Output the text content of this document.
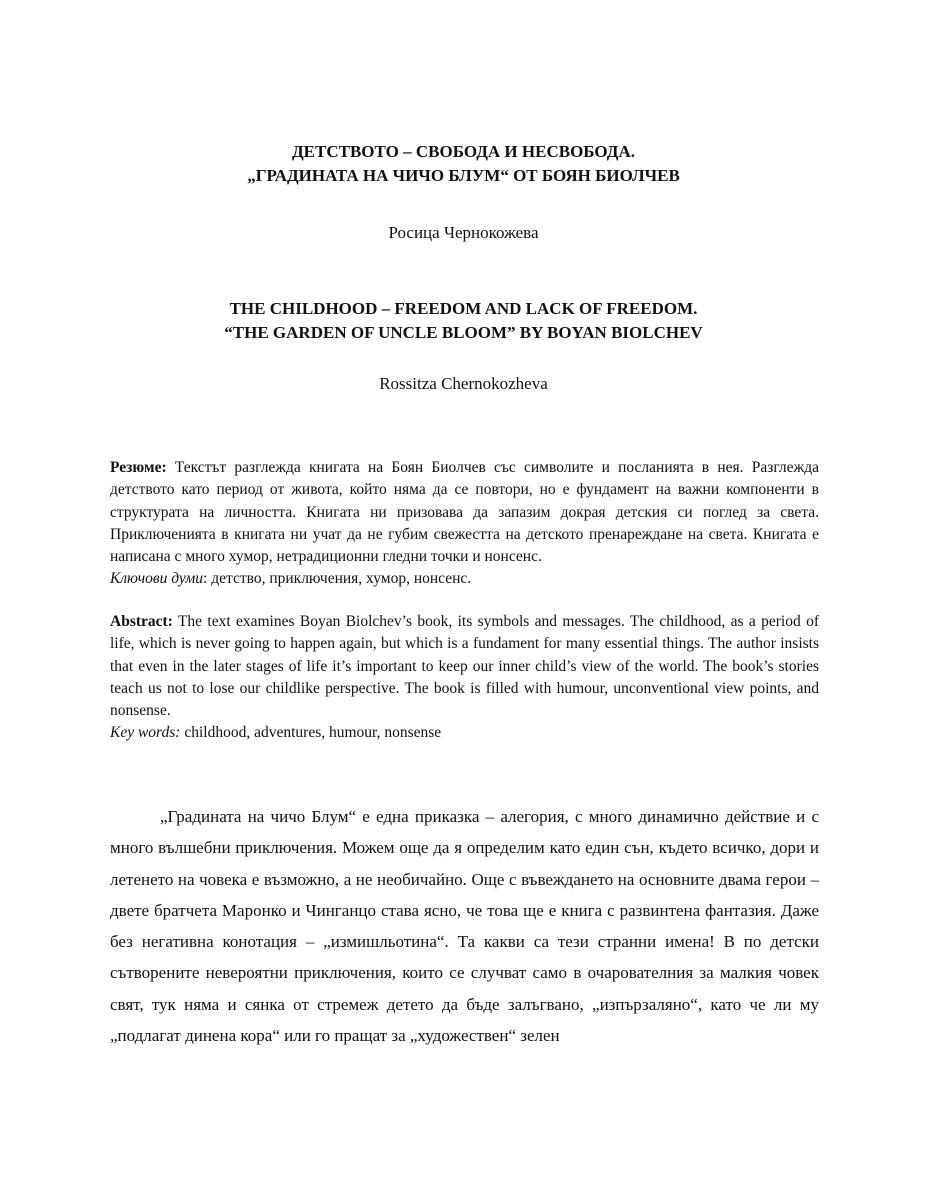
ДЕТСТВОТО – СВОБОДА И НЕСВОБОДА.
„ГРАДИНАТА НА ЧИЧО БЛУМ“ ОТ БОЯН БИОЛЧЕВ
Росица Чернокожева
THE CHILDHOOD – FREEDOM AND LACK OF FREEDOM.
“THE GARDEN OF UNCLE BLOOM” BY BOYAN BIOLCHEV
Rossitza Chernokozheva
Резюме: Текстът разглежда книгата на Боян Биолчев със символите и посланията в нея. Разглежда детството като период от живота, който няма да се повтори, но е фундамент на важни компоненти в структурата на личността. Книгата ни призовава да запазим докрая детския си поглед за света. Приключенията в книгата ни учат да не губим свежестта на детското пренареждане на света. Книгата е написана с много хумор, нетрадиционни гледни точки и нонсенс.
Ключови думи: детство, приключения, хумор, нонсенс.
Abstract: The text examines Boyan Biolchev’s book, its symbols and messages. The childhood, as a period of life, which is never going to happen again, but which is a fundament for many essential things. The author insists that even in the later stages of life it’s important to keep our inner child’s view of the world. The book’s stories teach us not to lose our childlike perspective. The book is filled with humour, unconventional view points, and nonsense.
Key words: childhood, adventures, humour, nonsense

„Градината на чичо Блум“ е една приказка – алегория, с много динамично действие и с много вълшебни приключения. Можем още да я определим като един сън, където всичко, дори и летенето на човека е възможно, а не необичайно. Още с въвеждането на основните двама герои – двете братчета Маронко и Чинганцо става ясно, че това ще е книга с развинтена фантазия. Даже без негативна конотация – „измишльотина“. Та какви са тези странни имена! В по детски сътворените невероятни приключения, които се случват само в очарователния за малкия човек свят, тук няма и сянка от стремеж детето да бъде залъгвано, „изпързаляно“, като че ли му „подлагат динена кора“ или го пращат за „художествен“ зелен
